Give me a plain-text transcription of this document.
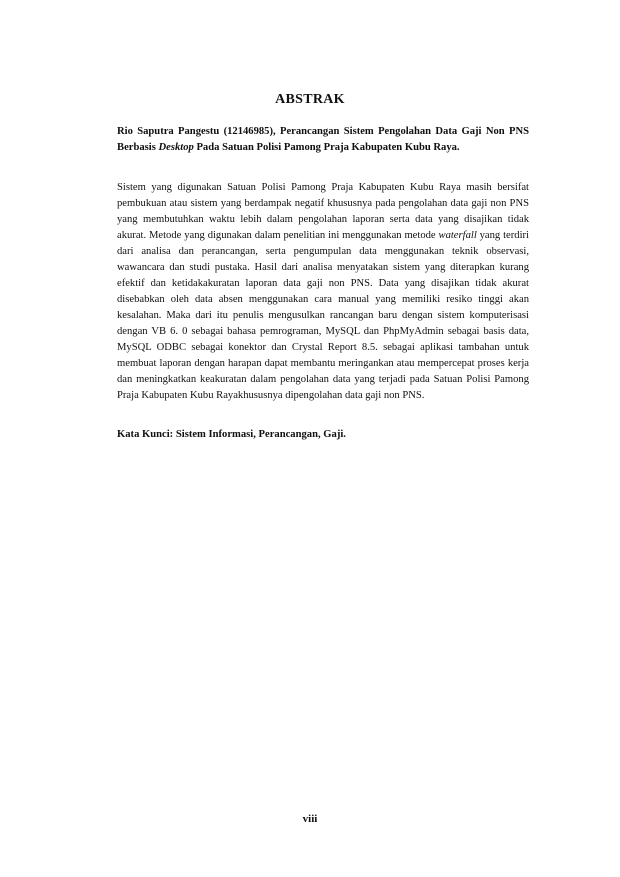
ABSTRAK
Rio Saputra Pangestu (12146985), Perancangan Sistem Pengolahan Data Gaji Non PNS Berbasis Desktop Pada Satuan Polisi Pamong Praja Kabupaten Kubu Raya.

Sistem yang digunakan Satuan Polisi Pamong Praja Kabupaten Kubu Raya masih bersifat pembukuan atau sistem yang berdampak negatif khususnya pada pengolahan data gaji non PNS yang membutuhkan waktu lebih dalam pengolahan laporan serta data yang disajikan tidak akurat. Metode yang digunakan dalam penelitian ini menggunakan metode waterfall yang terdiri dari analisa dan perancangan, serta pengumpulan data menggunakan teknik observasi, wawancara dan studi pustaka. Hasil dari analisa menyatakan sistem yang diterapkan kurang efektif dan ketidakakuratan laporan data gaji non PNS. Data yang disajikan tidak akurat disebabkan oleh data absen menggunakan cara manual yang memiliki resiko tinggi akan kesalahan. Maka dari itu penulis mengusulkan rancangan baru dengan sistem komputerisasi dengan VB 6. 0 sebagai bahasa pemrograman, MySQL dan PhpMyAdmin sebagai basis data, MySQL ODBC sebagai konektor dan Crystal Report 8.5. sebagai aplikasi tambahan untuk membuat laporan dengan harapan dapat membantu meringankan atau mempercepat proses kerja dan meningkatkan keakuratan dalam pengolahan data yang terjadi pada Satuan Polisi Pamong Praja Kabupaten Kubu Rayakhususnya dipengolahan data gaji non PNS.

Kata Kunci: Sistem Informasi, Perancangan, Gaji.
viii
